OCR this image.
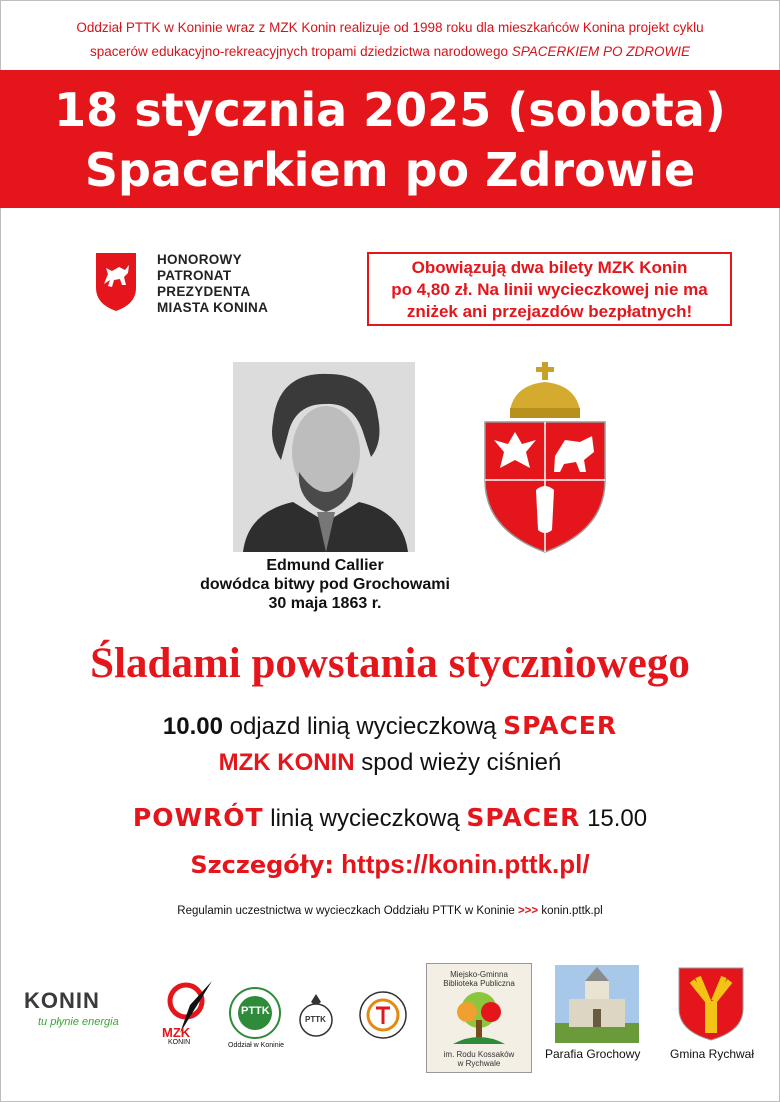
Oddział PTTK w Koninie wraz z MZK Konin realizuje od 1998 roku dla mieszkańców Konina projekt cyklu
spacerów edukacyjno-rekreacyjnych tropami dziedzictwa narodowego SPACERKIEM PO ZDROWIE
18 stycznia 2025 (sobota)
Spacerkiem po Zdrowie
HONOROWY
PATRONAT
PREZYDENTA
MIASTA KONINA
Obowiązują dwa bilety MZK Konin
po 4,80 zł. Na linii wycieczkowej nie ma
zniżek ani przejazdów bezpłatnych!
Edmund Callier
dowódca bitwy pod Grochowami
30 maja 1863 r.
Śladami powstania styczniowego
10.00 odjazd linią wycieczkową SPACER
MZK KONIN spod wieży ciśnień
POWRÓT linią wycieczkową SPACER 15.00
Szczegóły: https://konin.pttk.pl/
Regulamin uczestnictwa w wycieczkach Oddziału PTTK w Koninie >>> konin.pttk.pl
KONIN
tu płynie energia
MZK
KONIN
PTTK
Oddział w Koninie
PTTK
Miejsko-Gminna
Biblioteka Publiczna
im. Rodu Kossaków
w Rychwale
Parafia Grochowy Gmina Rychwał
